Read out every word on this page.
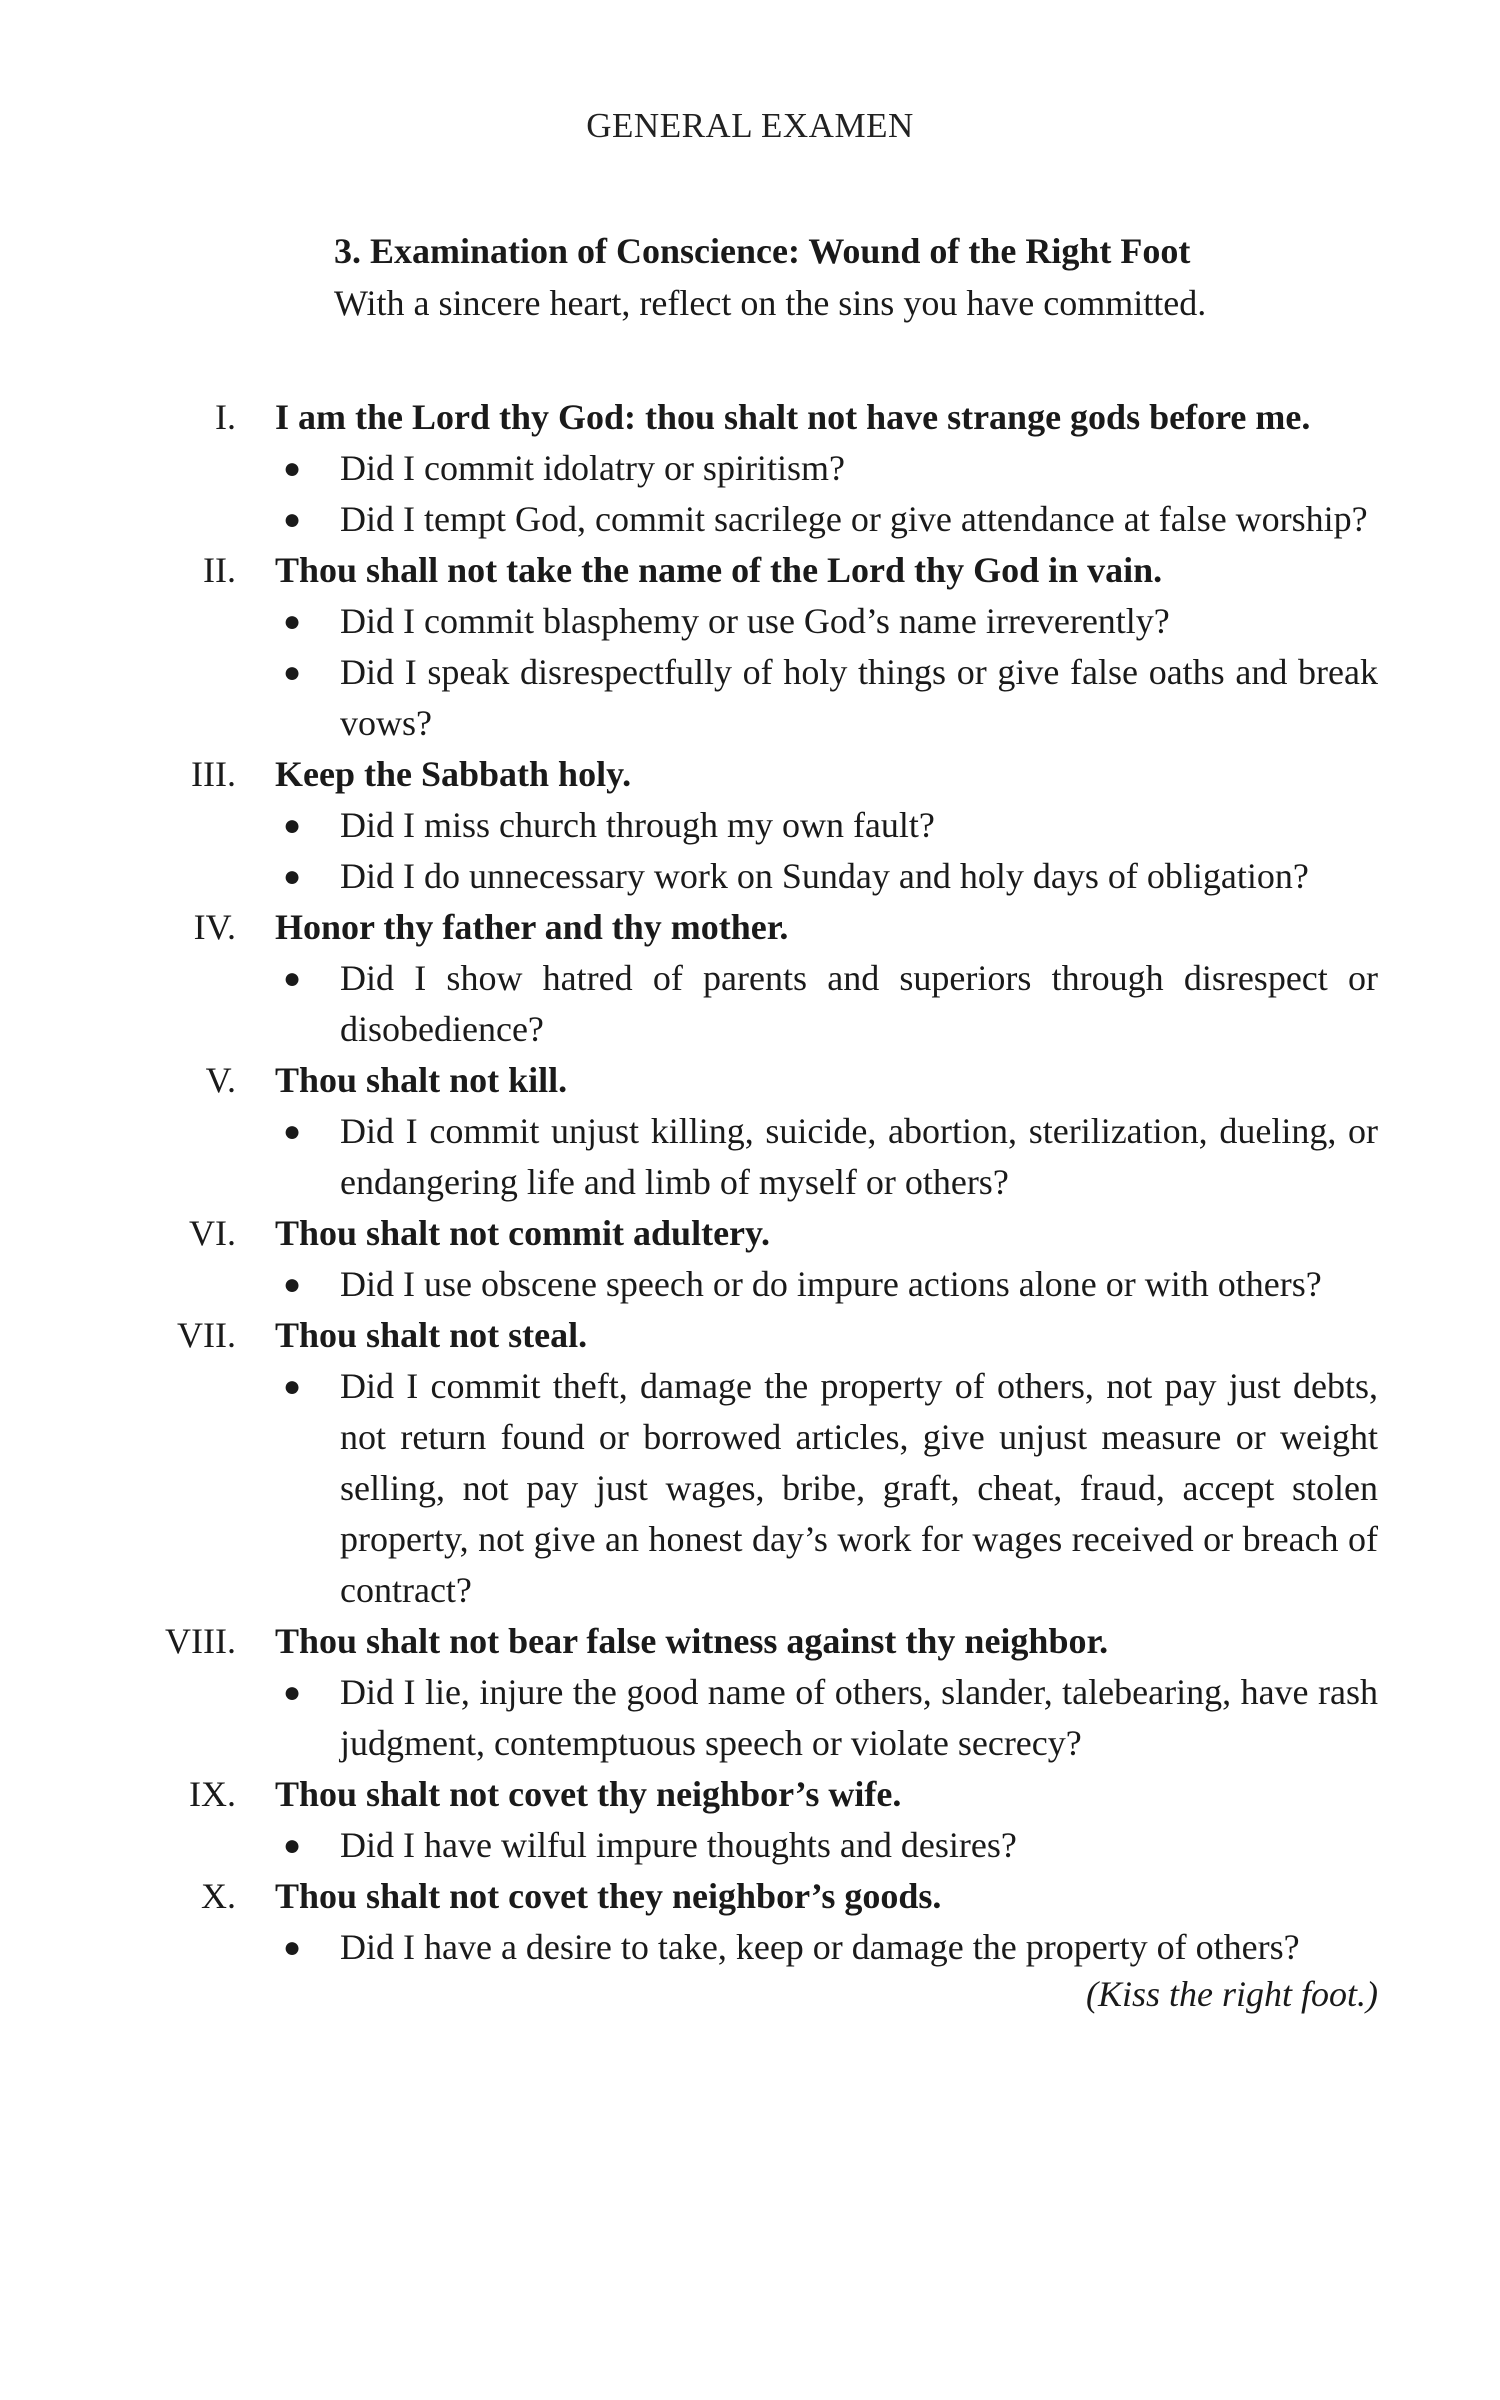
GENERAL EXAMEN
3. Examination of Conscience: Wound of the Right Foot
With a sincere heart, reflect on the sins you have committed.
I. I am the Lord thy God: thou shalt not have strange gods before me.
● Did I commit idolatry or spiritism?
● Did I tempt God, commit sacrilege or give attendance at false worship?
II. Thou shall not take the name of the Lord thy God in vain.
● Did I commit blasphemy or use God’s name irreverently?
● Did I speak disrespectfully of holy things or give false oaths and break vows?
III. Keep the Sabbath holy.
● Did I miss church through my own fault?
● Did I do unnecessary work on Sunday and holy days of obligation?
IV. Honor thy father and thy mother.
● Did I show hatred of parents and superiors through disrespect or disobedience?
V. Thou shalt not kill.
● Did I commit unjust killing, suicide, abortion, sterilization, dueling, or endangering life and limb of myself or others?
VI. Thou shalt not commit adultery.
● Did I use obscene speech or do impure actions alone or with others?
VII. Thou shalt not steal.
● Did I commit theft, damage the property of others, not pay just debts, not return found or borrowed articles, give unjust measure or weight selling, not pay just wages, bribe, graft, cheat, fraud, accept stolen property, not give an honest day’s work for wages received or breach of contract?
VIII. Thou shalt not bear false witness against thy neighbor.
● Did I lie, injure the good name of others, slander, talebearing, have rash judgment, contemptuous speech or violate secrecy?
IX. Thou shalt not covet thy neighbor’s wife.
● Did I have wilful impure thoughts and desires?
X. Thou shalt not covet they neighbor’s goods.
● Did I have a desire to take, keep or damage the property of others?
(Kiss the right foot.)
